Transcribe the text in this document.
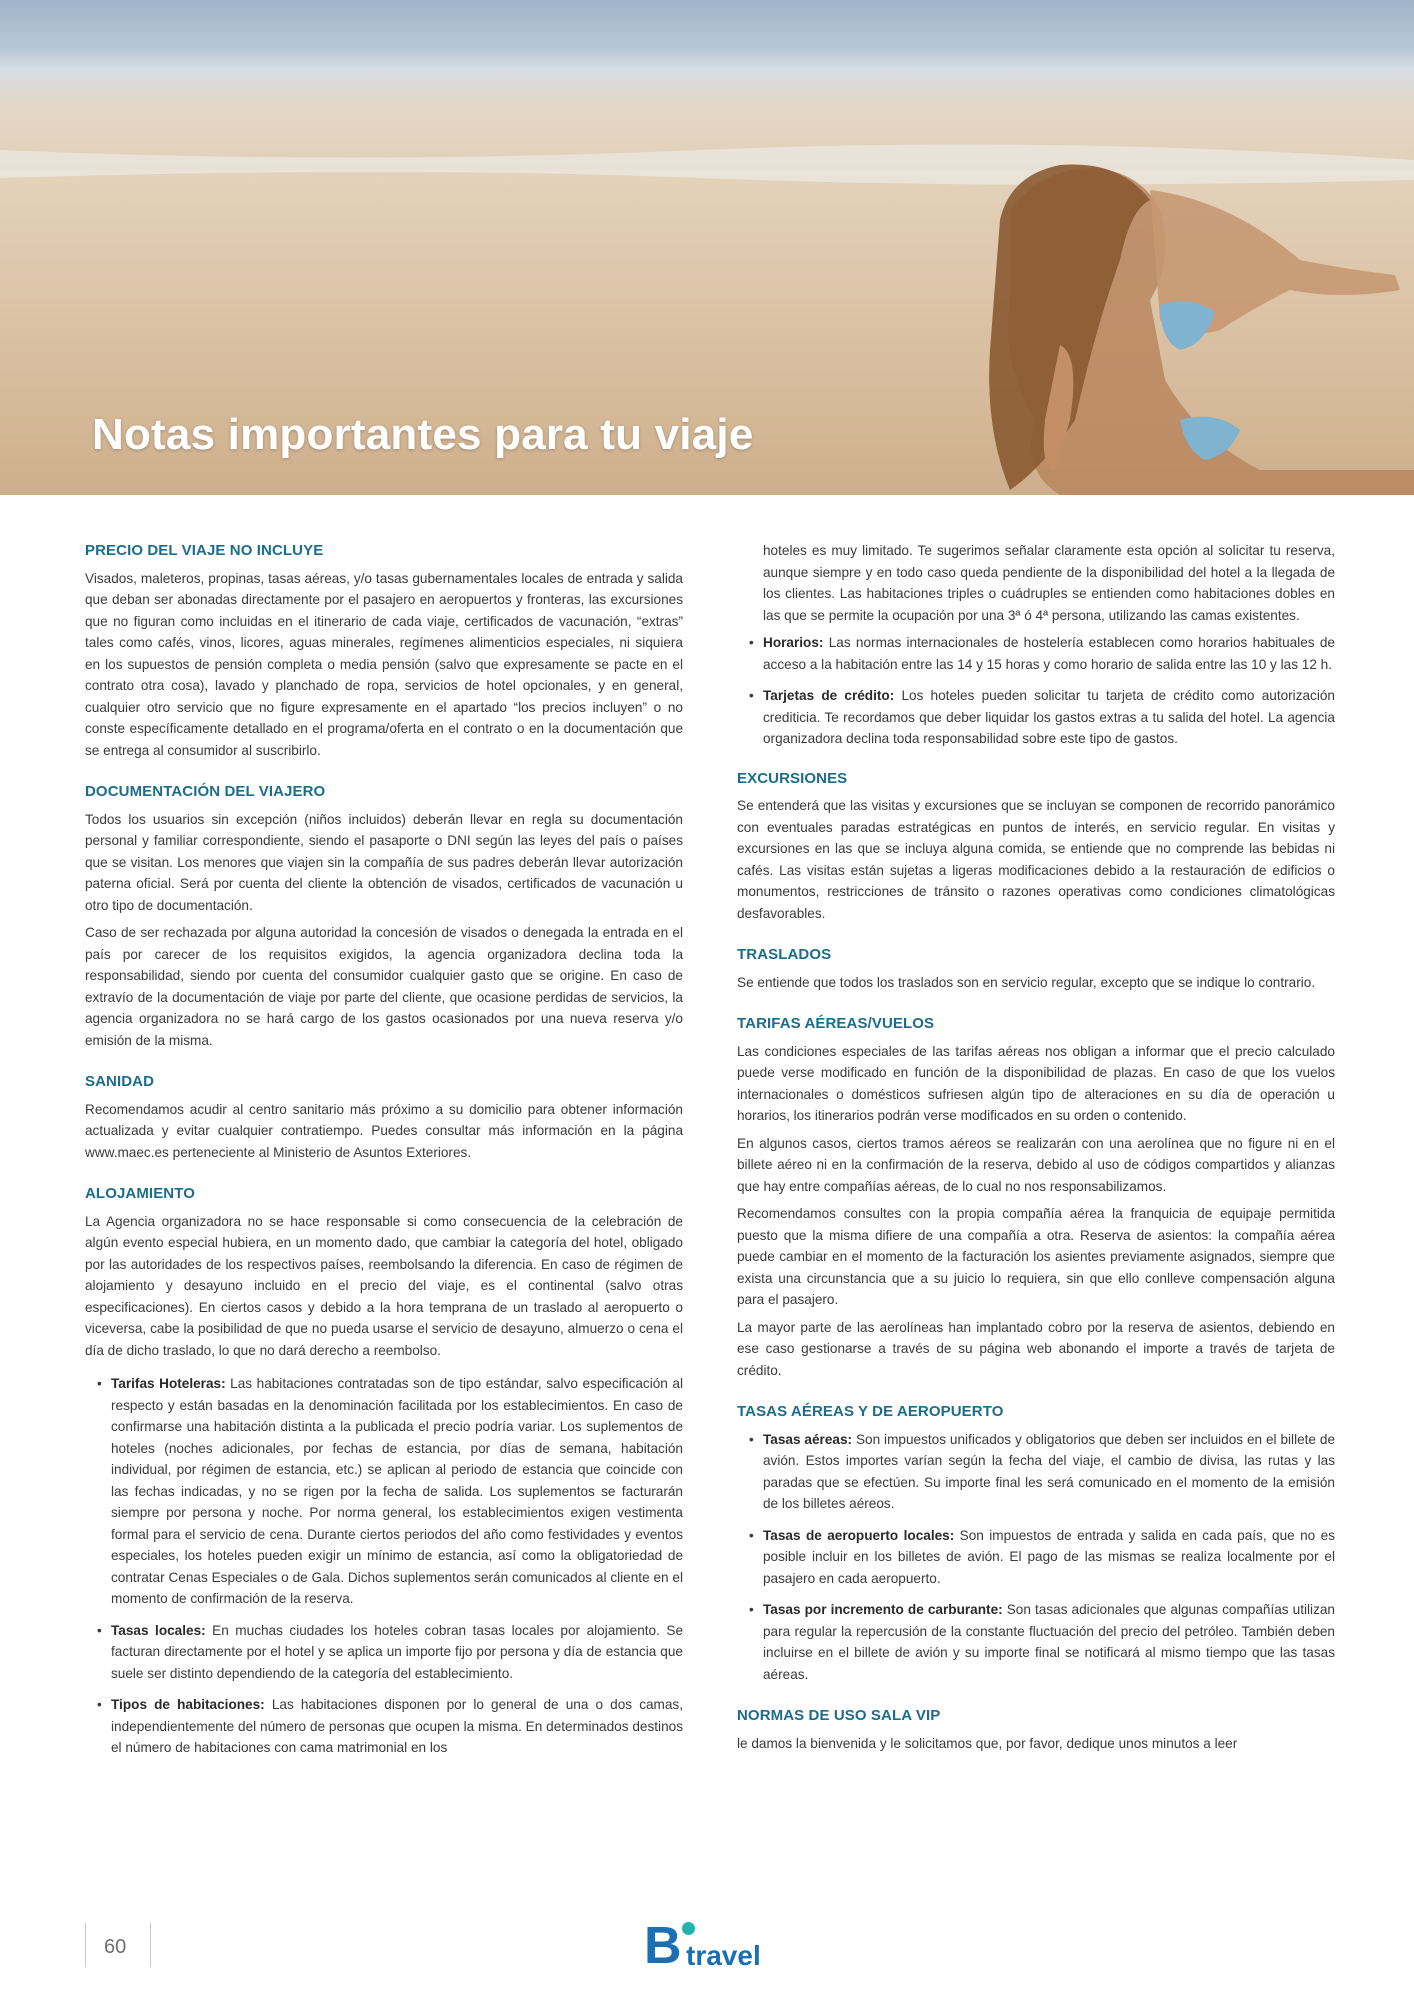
Notas importantes para tu viaje
PRECIO DEL VIAJE NO INCLUYE

Visados, maleteros, propinas, tasas aéreas, y/o tasas gubernamentales locales de entrada y salida que deban ser abonadas directamente por el pasajero en aeropuertos y fronteras, las excursiones que no figuran como incluidas en el itinerario de cada viaje, certificados de vacunación, “extras” tales como cafés, vinos, licores, aguas minerales, regímenes alimenticios especiales, ni siquiera en los supuestos de pensión completa o media pensión (salvo que expresamente se pacte en el contrato otra cosa), lavado y planchado de ropa, servicios de hotel opcionales, y en general, cualquier otro servicio que no figure expresamente en el apartado “los precios incluyen” o no conste específicamente detallado en el programa/oferta en el contrato o en la documentación que se entrega al consumidor al suscribirlo.

DOCUMENTACIÓN DEL VIAJERO

Todos los usuarios sin excepción (niños incluidos) deberán llevar en regla su documentación personal y familiar correspondiente, siendo el pasaporte o DNI según las leyes del país o países que se visitan. Los menores que viajen sin la compañía de sus padres deberán llevar autorización paterna oficial. Será por cuenta del cliente la obtención de visados, certificados de vacunación u otro tipo de documentación.

Caso de ser rechazada por alguna autoridad la concesión de visados o denegada la entrada en el país por carecer de los requisitos exigidos, la agencia organizadora declina toda la responsabilidad, siendo por cuenta del consumidor cualquier gasto que se origine. En caso de extravío de la documentación de viaje por parte del cliente, que ocasione perdidas de servicios, la agencia organizadora no se hará cargo de los gastos ocasionados por una nueva reserva y/o emisión de la misma.

SANIDAD

Recomendamos acudir al centro sanitario más próximo a su domicilio para obtener información actualizada y evitar cualquier contratiempo. Puedes consultar más información en la página www.maec.es perteneciente al Ministerio de Asuntos Exteriores.

ALOJAMIENTO

La Agencia organizadora no se hace responsable si como consecuencia de la celebración de algún evento especial hubiera, en un momento dado, que cambiar la categoría del hotel, obligado por las autoridades de los respectivos países, reembolsando la diferencia. En caso de régimen de alojamiento y desayuno incluido en el precio del viaje, es el continental (salvo otras especificaciones). En ciertos casos y debido a la hora temprana de un traslado al aeropuerto o viceversa, cabe la posibilidad de que no pueda usarse el servicio de desayuno, almuerzo o cena el día de dicho traslado, lo que no dará derecho a reembolso.

• Tarifas Hoteleras: Las habitaciones contratadas son de tipo estándar, salvo especificación al respecto y están basadas en la denominación facilitada por los establecimientos. En caso de confirmarse una habitación distinta a la publicada el precio podría variar. Los suplementos de hoteles (noches adicionales, por fechas de estancia, por días de semana, habitación individual, por régimen de estancia, etc.) se aplican al periodo de estancia que coincide con las fechas indicadas, y no se rigen por la fecha de salida. Los suplementos se facturarán siempre por persona y noche. Por norma general, los establecimientos exigen vestimenta formal para el servicio de cena. Durante ciertos periodos del año como festividades y eventos especiales, los hoteles pueden exigir un mínimo de estancia, así como la obligatoriedad de contratar Cenas Especiales o de Gala. Dichos suplementos serán comunicados al cliente en el momento de confirmación de la reserva.
• Tasas locales: En muchas ciudades los hoteles cobran tasas locales por alojamiento. Se facturan directamente por el hotel y se aplica un importe fijo por persona y día de estancia que suele ser distinto dependiendo de la categoría del establecimiento.
• Tipos de habitaciones: Las habitaciones disponen por lo general de una o dos camas, independientemente del número de personas que ocupen la misma. En determinados destinos el número de habitaciones con cama matrimonial en los

hoteles es muy limitado. Te sugerimos señalar claramente esta opción al solicitar tu reserva, aunque siempre y en todo caso queda pendiente de la disponibilidad del hotel a la llegada de los clientes. Las habitaciones triples o cuádruples se entienden como habitaciones dobles en las que se permite la ocupación por una 3ª ó 4ª persona, utilizando las camas existentes.

• Horarios: Las normas internacionales de hostelería establecen como horarios habituales de acceso a la habitación entre las 14 y 15 horas y como horario de salida entre las 10 y las 12 h.
• Tarjetas de crédito: Los hoteles pueden solicitar tu tarjeta de crédito como autorización crediticia. Te recordamos que deber liquidar los gastos extras a tu salida del hotel. La agencia organizadora declina toda responsabilidad sobre este tipo de gastos.
EXCURSIONES

Se entenderá que las visitas y excursiones que se incluyan se componen de recorrido panorámico con eventuales paradas estratégicas en puntos de interés, en servicio regular. En visitas y excursiones en las que se incluya alguna comida, se entiende que no comprende las bebidas ni cafés. Las visitas están sujetas a ligeras modificaciones debido a la restauración de edificios o monumentos, restricciones de tránsito o razones operativas como condiciones climatológicas desfavorables.

TRASLADOS

Se entiende que todos los traslados son en servicio regular, excepto que se indique lo contrario.

TARIFAS AÉREAS/VUELOS

Las condiciones especiales de las tarifas aéreas nos obligan a informar que el precio calculado puede verse modificado en función de la disponibilidad de plazas. En caso de que los vuelos internacionales o domésticos sufriesen algún tipo de alteraciones en su día de operación u horarios, los itinerarios podrán verse modificados en su orden o contenido.

En algunos casos, ciertos tramos aéreos se realizarán con una aerolínea que no figure ni en el billete aéreo ni en la confirmación de la reserva, debido al uso de códigos compartidos y alianzas que hay entre compañías aéreas, de lo cual no nos responsabilizamos.

Recomendamos consultes con la propia compañía aérea la franquicia de equipaje permitida puesto que la misma difiere de una compañía a otra. Reserva de asientos: la compañía aérea puede cambiar en el momento de la facturación los asientes previamente asignados, siempre que exista una circunstancia que a su juicio lo requiera, sin que ello conlleve compensación alguna para el pasajero.

La mayor parte de las aerolíneas han implantado cobro por la reserva de asientos, debiendo en ese caso gestionarse a través de su página web abonando el importe a través de tarjeta de crédito.

TASAS AÉREAS Y DE AEROPUERTO
• Tasas aéreas: Son impuestos unificados y obligatorios que deben ser incluidos en el billete de avión. Estos importes varían según la fecha del viaje, el cambio de divisa, las rutas y las paradas que se efectúen. Su importe final les será comunicado en el momento de la emisión de los billetes aéreos.
• Tasas de aeropuerto locales: Son impuestos de entrada y salida en cada país, que no es posible incluir en los billetes de avión. El pago de las mismas se realiza localmente por el pasajero en cada aeropuerto.
• Tasas por incremento de carburante: Son tasas adicionales que algunas compañías utilizan para regular la repercusión de la constante fluctuación del precio del petróleo. También deben incluirse en el billete de avión y su importe final se notificará al mismo tiempo que las tasas aéreas.
NORMAS DE USO SALA VIP

le damos la bienvenida y le solicitamos que, por favor, dedique unos minutos a leer

60	B travel
